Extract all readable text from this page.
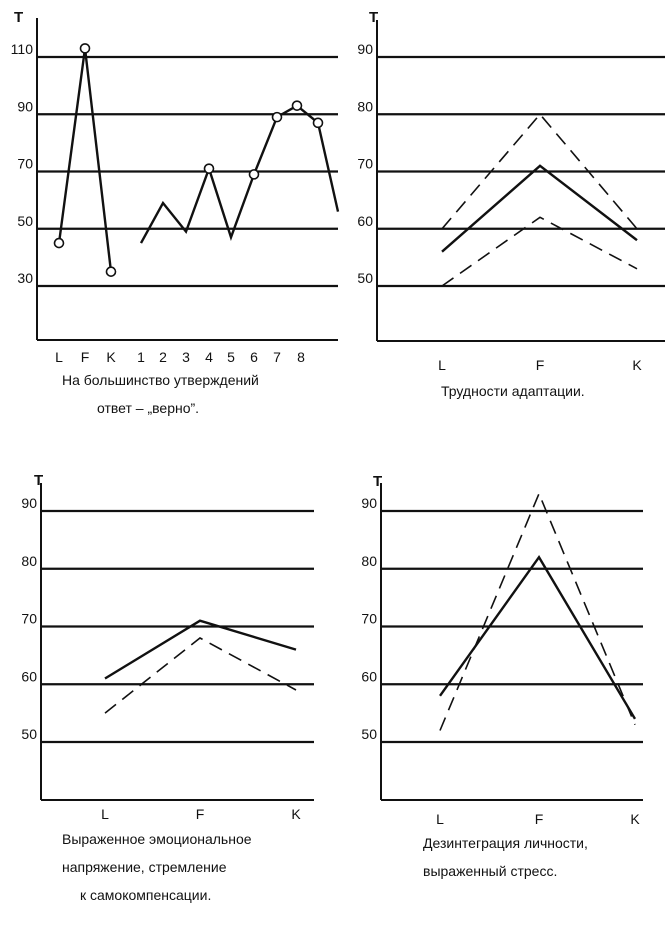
T
30
50
70
90
110
L F K 1 2 3 4 5 6 7 8
T
50
60
70
80
90
L	F	K
T
50
60
70
80
90
L	F	K
T
50
60
70
80
90
L	F	K
На большинство утверждений
ответ – „верно”.
Трудности адаптации.
Выраженное эмоциональное
напряжение, стремление
к самокомпенсации.
Дезинтеграция личности,
выраженный стресс.
